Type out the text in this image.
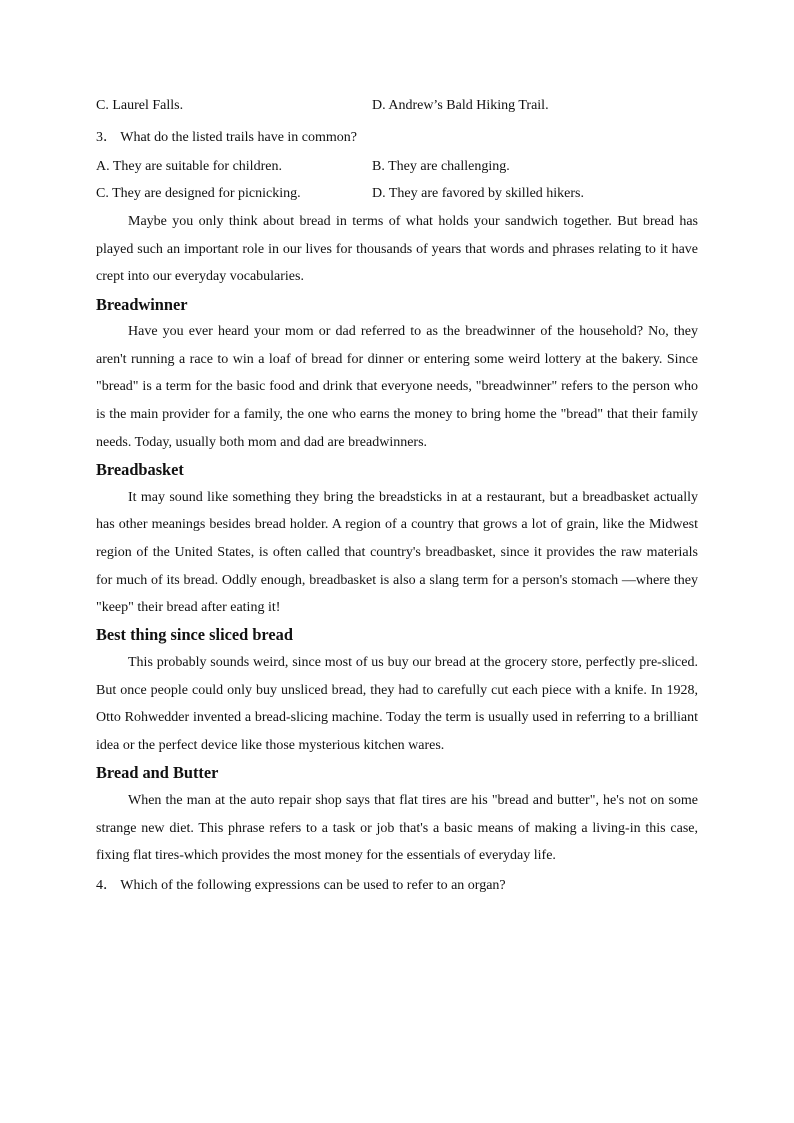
C. Laurel Falls.	D. Andrew’s Bald Hiking Trail.
3． What do the listed trails have in common?
A. They are suitable for children.	B. They are challenging.
C. They are designed for picnicking.	D. They are favored by skilled hikers.

Maybe you only think about bread in terms of what holds your sandwich together. But bread has played such an important role in our lives for thousands of years that words and phrases relating to it have crept into our everyday vocabularies.

Breadwinner

Have you ever heard your mom or dad referred to as the breadwinner of the household? No, they aren't running a race to win a loaf of bread for dinner or entering some weird lottery at the bakery. Since "bread" is a term for the basic food and drink that everyone needs, "breadwinner" refers to the person who is the main provider for a family, the one who earns the money to bring home the "bread" that their family needs. Today, usually both mom and dad are breadwinners.

Breadbasket

It may sound like something they bring the breadsticks in at a restaurant, but a breadbasket actually has other meanings besides bread holder. A region of a country that grows a lot of grain, like the Midwest region of the United States, is often called that country's breadbasket, since it provides the raw materials for much of its bread. Oddly enough, breadbasket is also a slang term for a person's stomach —where they "keep" their bread after eating it!

Best thing since sliced bread

This probably sounds weird, since most of us buy our bread at the grocery store, perfectly pre-sliced. But once people could only buy unsliced bread, they had to carefully cut each piece with a knife. In 1928, Otto Rohwedder invented a bread-slicing machine. Today the term is usually used in referring to a brilliant idea or the perfect device like those mysterious kitchen wares.

Bread and Butter

When the man at the auto repair shop says that flat tires are his "bread and butter", he's not on some strange new diet. This phrase refers to a task or job that's a basic means of making a living-in this case, fixing flat tires-which provides the most money for the essentials of everyday life.

4． Which of the following expressions can be used to refer to an organ?
